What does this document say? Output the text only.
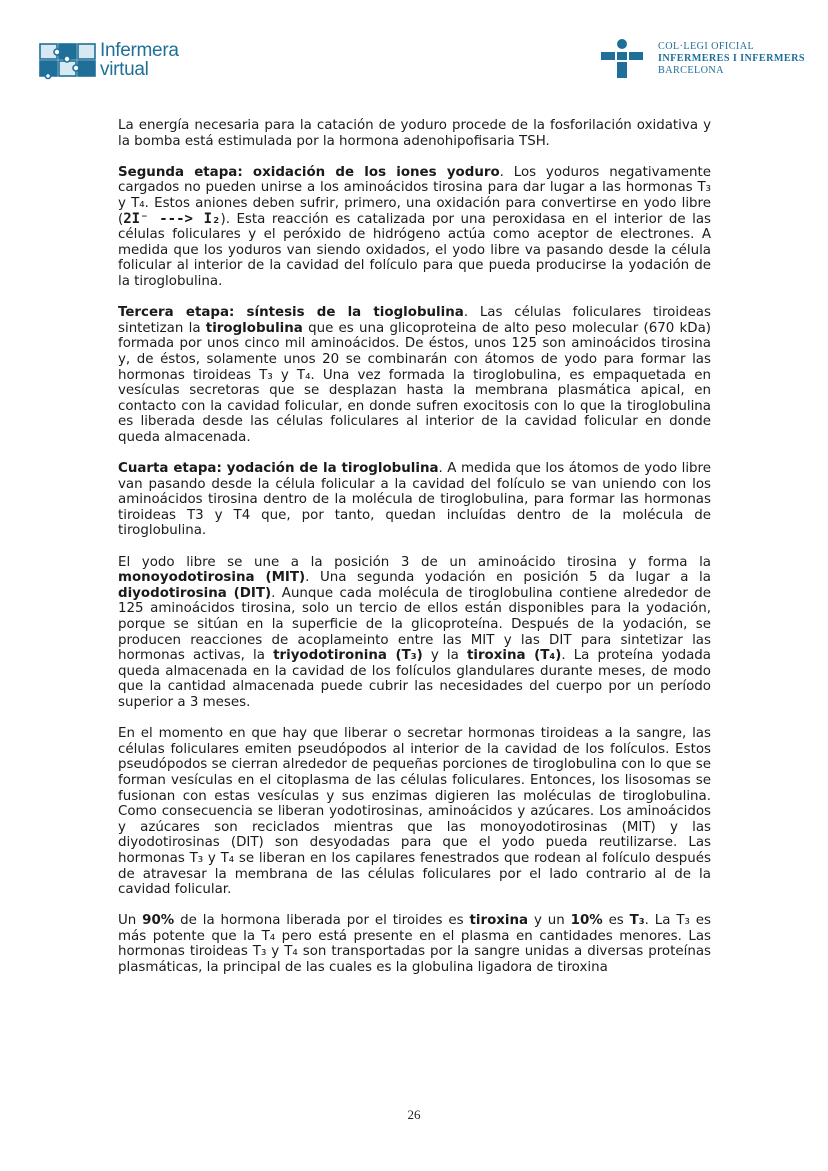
Infermera
virtual
COL·LEGI OFICIAL
INFERMERES I INFERMERS
BARCELONA

La energía necesaria para la catación de yoduro procede de la fosforilación oxidativa y la bomba está estimulada por la hormona adenohipofisaria TSH.

Segunda etapa: oxidación de los iones yoduro. Los yoduros negativamente cargados no pueden unirse a los aminoácidos tirosina para dar lugar a las hormonas T₃ y T₄. Estos aniones deben sufrir, primero, una oxidación para convertirse en yodo libre (2I⁻ ---> I₂). Esta reacción es catalizada por una peroxidasa en el interior de las células foliculares y el peróxido de hidrógeno actúa como aceptor de electrones. A medida que los yoduros van siendo oxidados, el yodo libre va pasando desde la célula folicular al interior de la cavidad del folículo para que pueda producirse la yodación de la tiroglobulina.

Tercera etapa: síntesis de la tioglobulina. Las células foliculares tiroideas sintetizan la tiroglobulina que es una glicoproteina de alto peso molecular (670 kDa) formada por unos cinco mil aminoácidos. De éstos, unos 125 son aminoácidos tirosina y, de éstos, solamente unos 20 se combinarán con átomos de yodo para formar las hormonas tiroideas T₃ y T₄. Una vez formada la tiroglobulina, es empaquetada en vesículas secretoras que se desplazan hasta la membrana plasmática apical, en contacto con la cavidad folicular, en donde sufren exocitosis con lo que la tiroglobulina es liberada desde las células foliculares al interior de la cavidad folicular en donde queda almacenada.

Cuarta etapa: yodación de la tiroglobulina. A medida que los átomos de yodo libre van pasando desde la célula folicular a la cavidad del folículo se van uniendo con los aminoácidos tirosina dentro de la molécula de tiroglobulina, para formar las hormonas tiroideas T3 y T4 que, por tanto, quedan incluídas dentro de la molécula de tiroglobulina.

El yodo libre se une a la posición 3 de un aminoácido tirosina y forma la monoyodotirosina (MIT). Una segunda yodación en posición 5 da lugar a la diyodotirosina (DIT). Aunque cada molécula de tiroglobulina contiene alrededor de 125 aminoácidos tirosina, solo un tercio de ellos están disponibles para la yodación, porque se sitúan en la superficie de la glicoproteína. Después de la yodación, se producen reacciones de acoplameinto entre las MIT y las DIT para sintetizar las hormonas activas, la triyodotironina (T₃) y la tiroxina (T₄). La proteína yodada queda almacenada en la cavidad de los folículos glandulares durante meses, de modo que la cantidad almacenada puede cubrir las necesidades del cuerpo por un período superior a 3 meses.

En el momento en que hay que liberar o secretar hormonas tiroideas a la sangre, las células foliculares emiten pseudópodos al interior de la cavidad de los folículos. Estos pseudópodos se cierran alrededor de pequeñas porciones de tiroglobulina con lo que se forman vesículas en el citoplasma de las células foliculares. Entonces, los lisosomas se fusionan con estas vesículas y sus enzimas digieren las moléculas de tiroglobulina. Como consecuencia se liberan yodotirosinas, aminoácidos y azúcares. Los aminoácidos y azúcares son reciclados mientras que las monoyodotirosinas (MIT) y las diyodotirosinas (DIT) son desyodadas para que el yodo pueda reutilizarse. Las hormonas T₃ y T₄ se liberan en los capilares fenestrados que rodean al folículo después de atravesar la membrana de las células foliculares por el lado contrario al de la cavidad folicular.

Un 90% de la hormona liberada por el tiroides es tiroxina y un 10% es T₃. La T₃ es más potente que la T₄ pero está presente en el plasma en cantidades menores. Las hormonas tiroideas T₃ y T₄ son transportadas por la sangre unidas a diversas proteínas plasmáticas, la principal de las cuales es la globulina ligadora de tiroxina

26
